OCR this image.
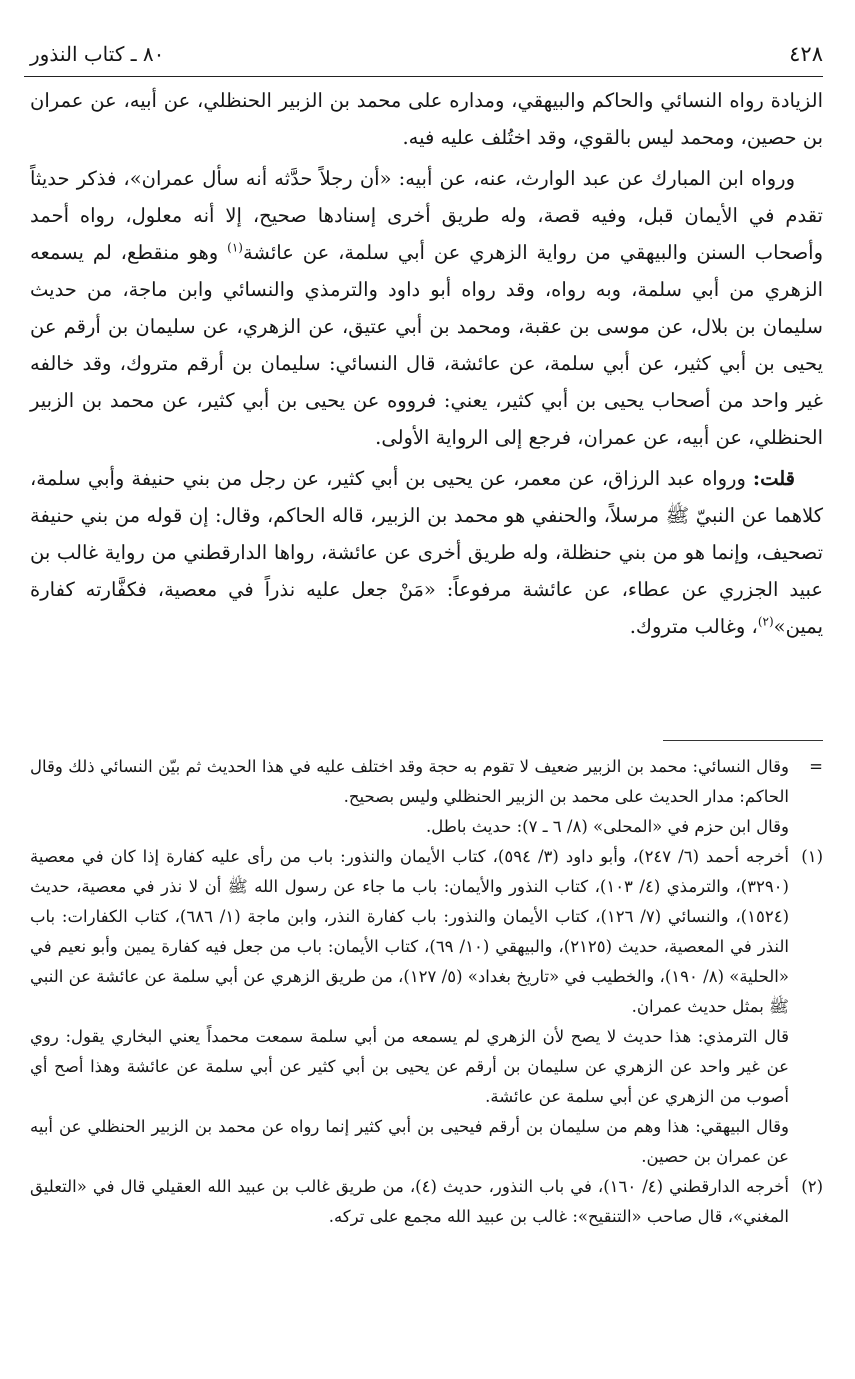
٤٢٨
٨٠ ـ كتاب النذور

الزيادة رواه النسائي والحاكم والبيهقي، ومداره على محمد بن الزبير الحنظلي، عن أبيه، عن عمران بن حصين، ومحمد ليس بالقوي، وقد اختُلف عليه فيه.

ورواه ابن المبارك عن عبد الوارث، عنه، عن أبيه: «أن رجلاً حدَّثه أنه سأل عمران»، فذكر حديثاً تقدم في الأيمان قبل، وفيه قصة، وله طريق أخرى إسنادها صحيح، إلا أنه معلول، رواه أحمد وأصحاب السنن والبيهقي من رواية الزهري عن أبي سلمة، عن عائشة$^{(١)}$ وهو منقطع، لم يسمعه الزهري من أبي سلمة، وبه رواه، وقد رواه أبو داود والترمذي والنسائي وابن ماجة، من حديث سليمان بن بلال، عن موسى بن عقبة، ومحمد بن أبي عتيق، عن الزهري، عن سليمان بن أرقم عن يحيى بن أبي كثير، عن أبي سلمة، عن عائشة، قال النسائي: سليمان بن أرقم متروك، وقد خالفه غير واحد من أصحاب يحيى بن أبي كثير، يعني: فرووه عن يحيى بن أبي كثير، عن محمد بن الزبير الحنظلي، عن أبيه، عن عمران، فرجع إلى الرواية الأولى.

قلت: ورواه عبد الرزاق، عن معمر، عن يحيى بن أبي كثير، عن رجل من بني حنيفة وأبي سلمة، كلاهما عن النبيّ ﷺ مرسلاً، والحنفي هو محمد بن الزبير، قاله الحاكم، وقال: إن قوله من بني حنيفة تصحيف، وإنما هو من بني حنظلة، وله طريق أخرى عن عائشة، رواها الدارقطني من رواية غالب بن عبيد الجزري عن عطاء، عن عائشة مرفوعاً: «مَنْ جعل عليه نذراً في معصية، فكفَّارته كفارة يمين»$^{(٢)}$، وغالب متروك.

=

وقال النسائي: محمد بن الزبير ضعيف لا تقوم به حجة وقد اختلف عليه في هذا الحديث ثم بيّن النسائي ذلك وقال الحاكم: مدار الحديث على محمد بن الزبير الحنظلي وليس بصحيح.

وقال ابن حزم في «المحلى» (٨/ ٦ ـ ٧): حديث باطل.

(١)

أخرجه أحمد (٦/ ٢٤٧)، وأبو داود (٣/ ٥٩٤)، كتاب الأيمان والنذور: باب من رأى عليه كفارة إذا كان في معصية (٣٢٩٠)، والترمذي (٤/ ١٠٣)، كتاب النذور والأيمان: باب ما جاء عن رسول الله ﷺ أن لا نذر في معصية، حديث (١٥٢٤)، والنسائي (٧/ ١٢٦)، كتاب الأيمان والنذور: باب كفارة النذر، وابن ماجة (١/ ٦٨٦)، كتاب الكفارات: باب النذر في المعصية، حديث (٢١٢٥)، والبيهقي (١٠/ ٦٩)، كتاب الأيمان: باب من جعل فيه كفارة يمين وأبو نعيم في «الحلية» (٨/ ١٩٠)، والخطيب في «تاريخ بغداد» (٥/ ١٢٧)، من طريق الزهري عن أبي سلمة عن عائشة عن النبي ﷺ بمثل حديث عمران.

قال الترمذي: هذا حديث لا يصح لأن الزهري لم يسمعه من أبي سلمة سمعت محمداً يعني البخاري يقول: روي عن غير واحد عن الزهري عن سليمان بن أرقم عن يحيى بن أبي كثير عن أبي سلمة عن عائشة وهذا أصح أي أصوب من الزهري عن أبي سلمة عن عائشة.

وقال البيهقي: هذا وهم من سليمان بن أرقم فيحيى بن أبي كثير إنما رواه عن محمد بن الزبير الحنظلي عن أبيه عن عمران بن حصين.

(٢)

أخرجه الدارقطني (٤/ ١٦٠)، في باب النذور، حديث (٤)، من طريق غالب بن عبيد الله العقيلي قال في «التعليق المغني»، قال صاحب «التنقيح»: غالب بن عبيد الله مجمع على تركه.
